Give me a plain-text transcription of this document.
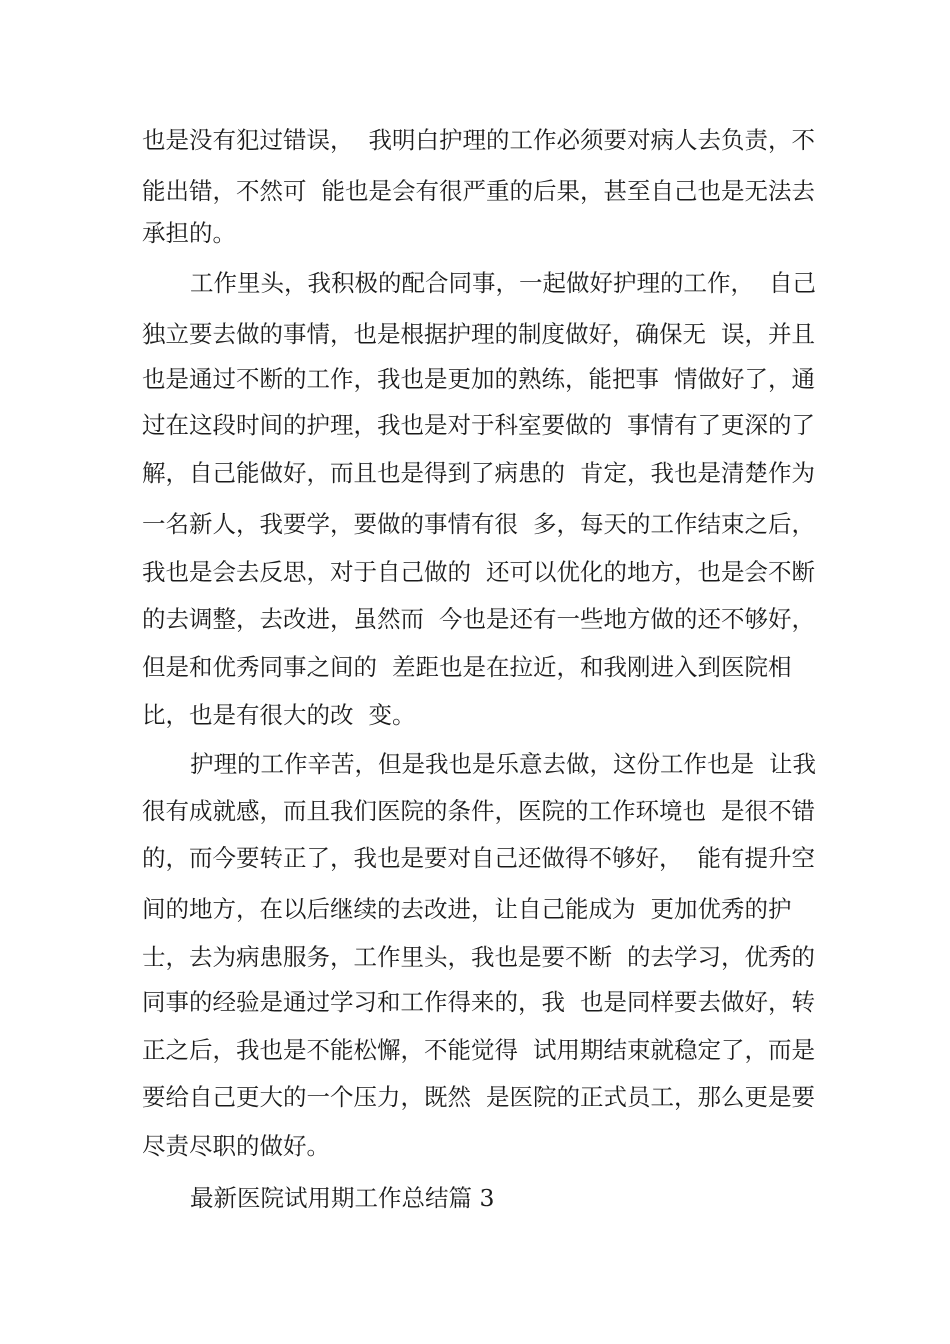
也是没有犯过错误，  我明白护理的工作必须要对病人去负责，不
能出错，不然可  能也是会有很严重的后果，甚至自己也是无法去
承担的。
工作里头，我积极的配合同事，一起做好护理的工作，  自己
独立要去做的事情，也是根据护理的制度做好，确保无  误，并且
也是通过不断的工作，我也是更加的熟练，能把事  情做好了，通
过在这段时间的护理，我也是对于科室要做的  事情有了更深的了
解，自己能做好，而且也是得到了病患的  肯定，我也是清楚作为
一名新人，我要学，要做的事情有很  多，每天的工作结束之后，
我也是会去反思，对于自己做的  还可以优化的地方，也是会不断
的去调整，去改进，虽然而  今也是还有一些地方做的还不够好，
但是和优秀同事之间的  差距也是在拉近，和我刚进入到医院相
比，也是有很大的改  变。
护理的工作辛苦，但是我也是乐意去做，这份工作也是  让我
很有成就感，而且我们医院的条件，医院的工作环境也  是很不错
的，而今要转正了，我也是要对自己还做得不够好，  能有提升空
间的地方，在以后继续的去改进，让自己能成为  更加优秀的护
士，去为病患服务，工作里头，我也是要不断  的去学习，优秀的
同事的经验是通过学习和工作得来的，我  也是同样要去做好，转
正之后，我也是不能松懈，不能觉得  试用期结束就稳定了，而是
要给自己更大的一个压力，既然  是医院的正式员工，那么更是要
尽责尽职的做好。
最新医院试用期工作总结篇 3
